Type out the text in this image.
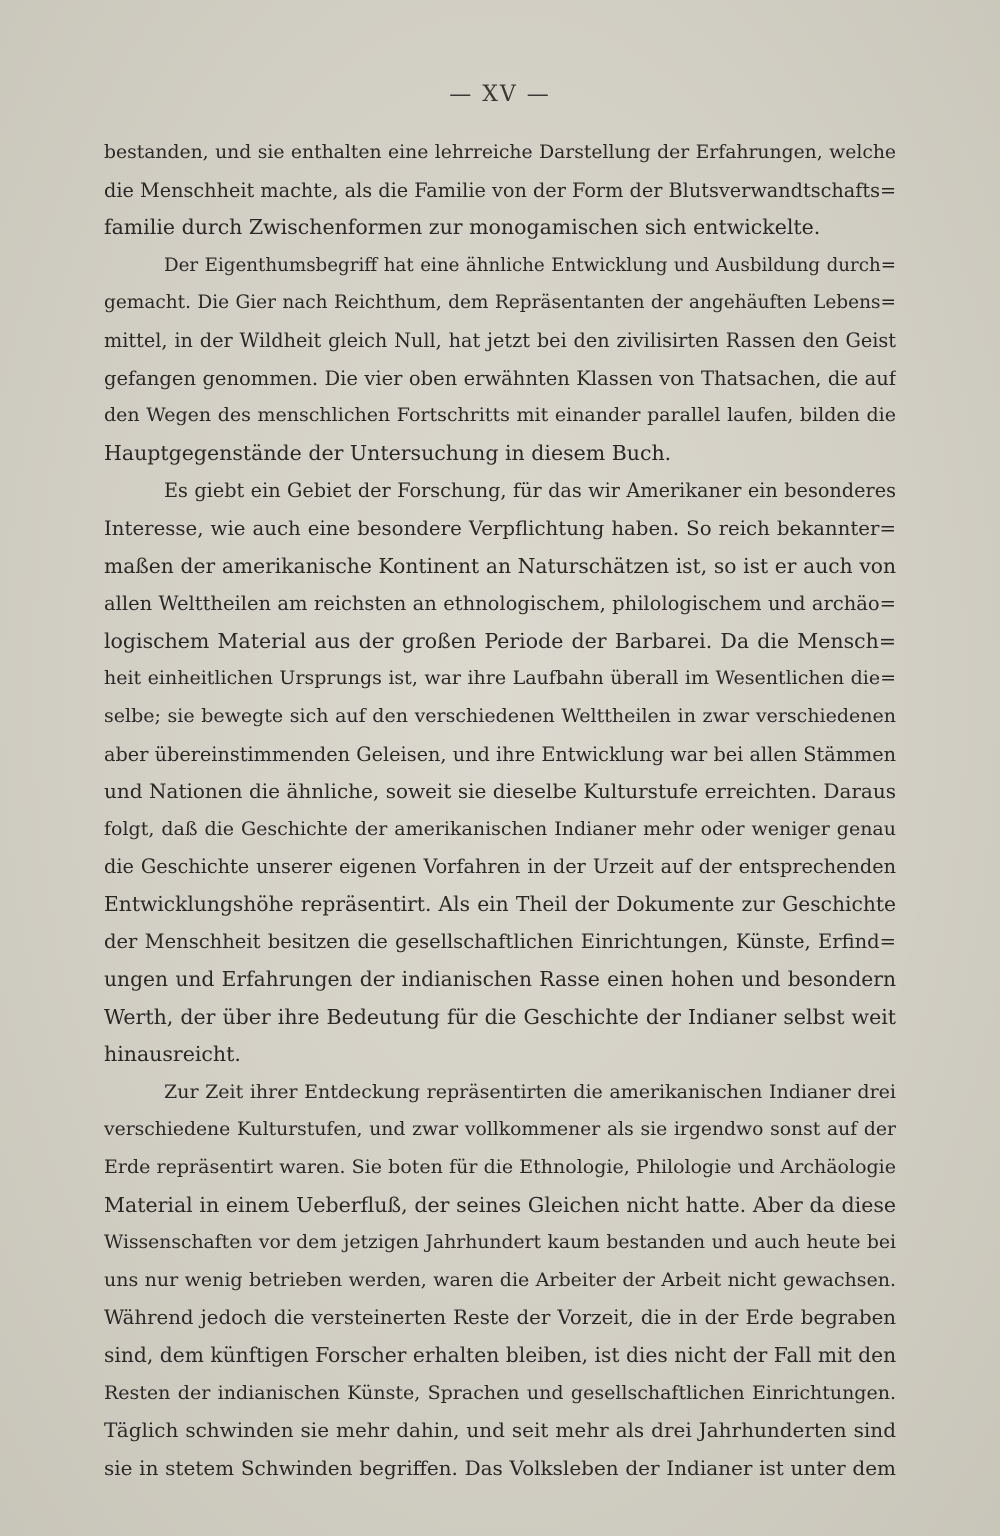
— XV —
bestanden, und sie enthalten eine lehrreiche Darstellung der Erfahrungen, welche
die Menschheit machte, als die Familie von der Form der Blutsverwandtschafts=
familie durch Zwischenformen zur monogamischen sich entwickelte.
Der Eigenthumsbegriff hat eine ähnliche Entwicklung und Ausbildung durch=
gemacht. Die Gier nach Reichthum, dem Repräsentanten der angehäuften Lebens=
mittel, in der Wildheit gleich Null, hat jetzt bei den zivilisirten Rassen den Geist
gefangen genommen. Die vier oben erwähnten Klassen von Thatsachen, die auf
den Wegen des menschlichen Fortschritts mit einander parallel laufen, bilden die
Hauptgegenstände der Untersuchung in diesem Buch.
Es giebt ein Gebiet der Forschung, für das wir Amerikaner ein besonderes
Interesse, wie auch eine besondere Verpflichtung haben. So reich bekannter=
maßen der amerikanische Kontinent an Naturschätzen ist, so ist er auch von
allen Welttheilen am reichsten an ethnologischem, philologischem und archäo=
logischem Material aus der großen Periode der Barbarei. Da die Mensch=
heit einheitlichen Ursprungs ist, war ihre Laufbahn überall im Wesentlichen die=
selbe; sie bewegte sich auf den verschiedenen Welttheilen in zwar verschiedenen
aber übereinstimmenden Geleisen, und ihre Entwicklung war bei allen Stämmen
und Nationen die ähnliche, soweit sie dieselbe Kulturstufe erreichten. Daraus
folgt, daß die Geschichte der amerikanischen Indianer mehr oder weniger genau
die Geschichte unserer eigenen Vorfahren in der Urzeit auf der entsprechenden
Entwicklungshöhe repräsentirt. Als ein Theil der Dokumente zur Geschichte
der Menschheit besitzen die gesellschaftlichen Einrichtungen, Künste, Erfind=
ungen und Erfahrungen der indianischen Rasse einen hohen und besondern
Werth, der über ihre Bedeutung für die Geschichte der Indianer selbst weit
hinausreicht.
Zur Zeit ihrer Entdeckung repräsentirten die amerikanischen Indianer drei
verschiedene Kulturstufen, und zwar vollkommener als sie irgendwo sonst auf der
Erde repräsentirt waren. Sie boten für die Ethnologie, Philologie und Archäologie
Material in einem Ueberfluß, der seines Gleichen nicht hatte. Aber da diese
Wissenschaften vor dem jetzigen Jahrhundert kaum bestanden und auch heute bei
uns nur wenig betrieben werden, waren die Arbeiter der Arbeit nicht gewachsen.
Während jedoch die versteinerten Reste der Vorzeit, die in der Erde begraben
sind, dem künftigen Forscher erhalten bleiben, ist dies nicht der Fall mit den
Resten der indianischen Künste, Sprachen und gesellschaftlichen Einrichtungen.
Täglich schwinden sie mehr dahin, und seit mehr als drei Jahrhunderten sind
sie in stetem Schwinden begriffen. Das Volksleben der Indianer ist unter dem
